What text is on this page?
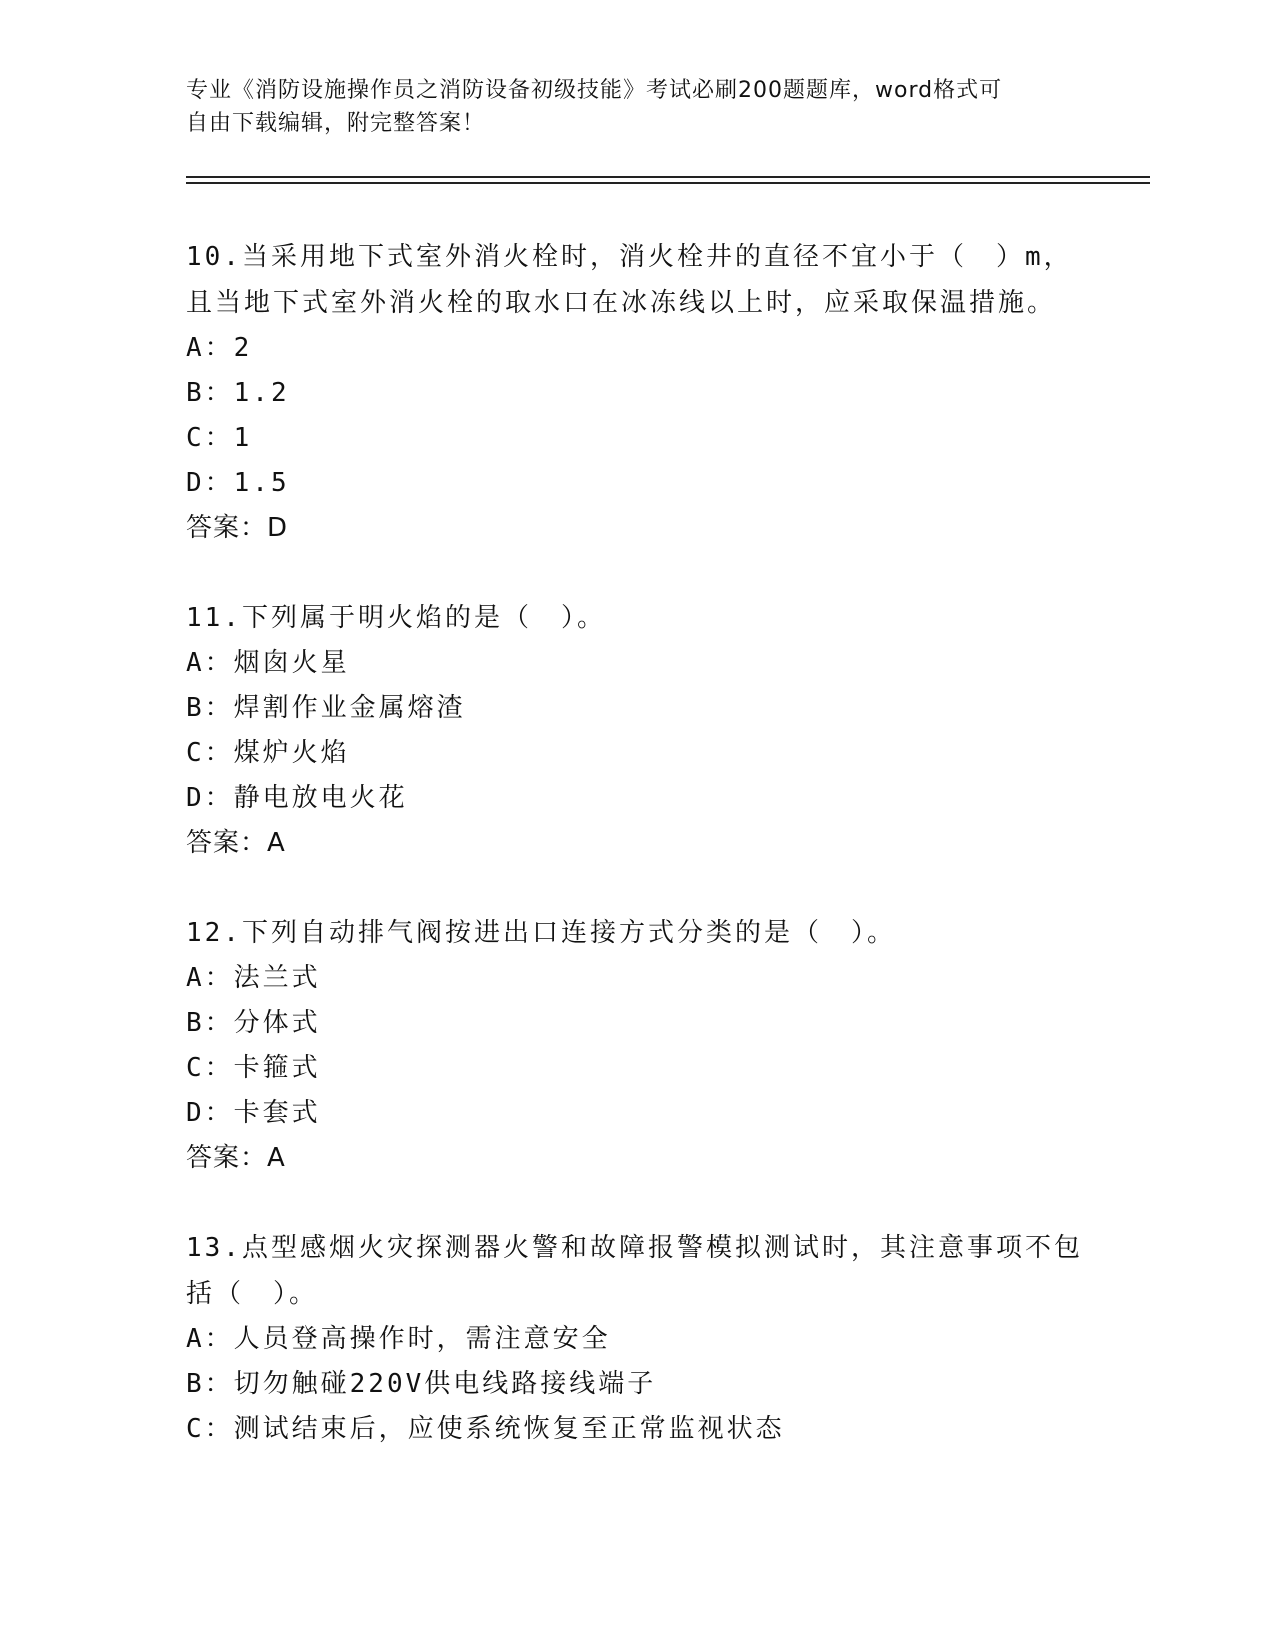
专业《消防设施操作员之消防设备初级技能》考试必刷200题题库，word格式可
自由下载编辑，附完整答案！

10.当采用地下式室外消火栓时，消火栓井的直径不宜小于（　）m，

且当地下式室外消火栓的取水口在冰冻线以上时，应采取保温措施。

A：2

B：1.2

C：1

D：1.5

答案：D

11.下列属于明火焰的是（　）。

A：烟囱火星

B：焊割作业金属熔渣

C：煤炉火焰

D：静电放电火花

答案：A

12.下列自动排气阀按进出口连接方式分类的是（　）。

A：法兰式

B：分体式

C：卡箍式

D：卡套式

答案：A

13.点型感烟火灾探测器火警和故障报警模拟测试时，其注意事项不包

括（　）。

A：人员登高操作时，需注意安全

B：切勿触碰220V供电线路接线端子

C：测试结束后，应使系统恢复至正常监视状态
